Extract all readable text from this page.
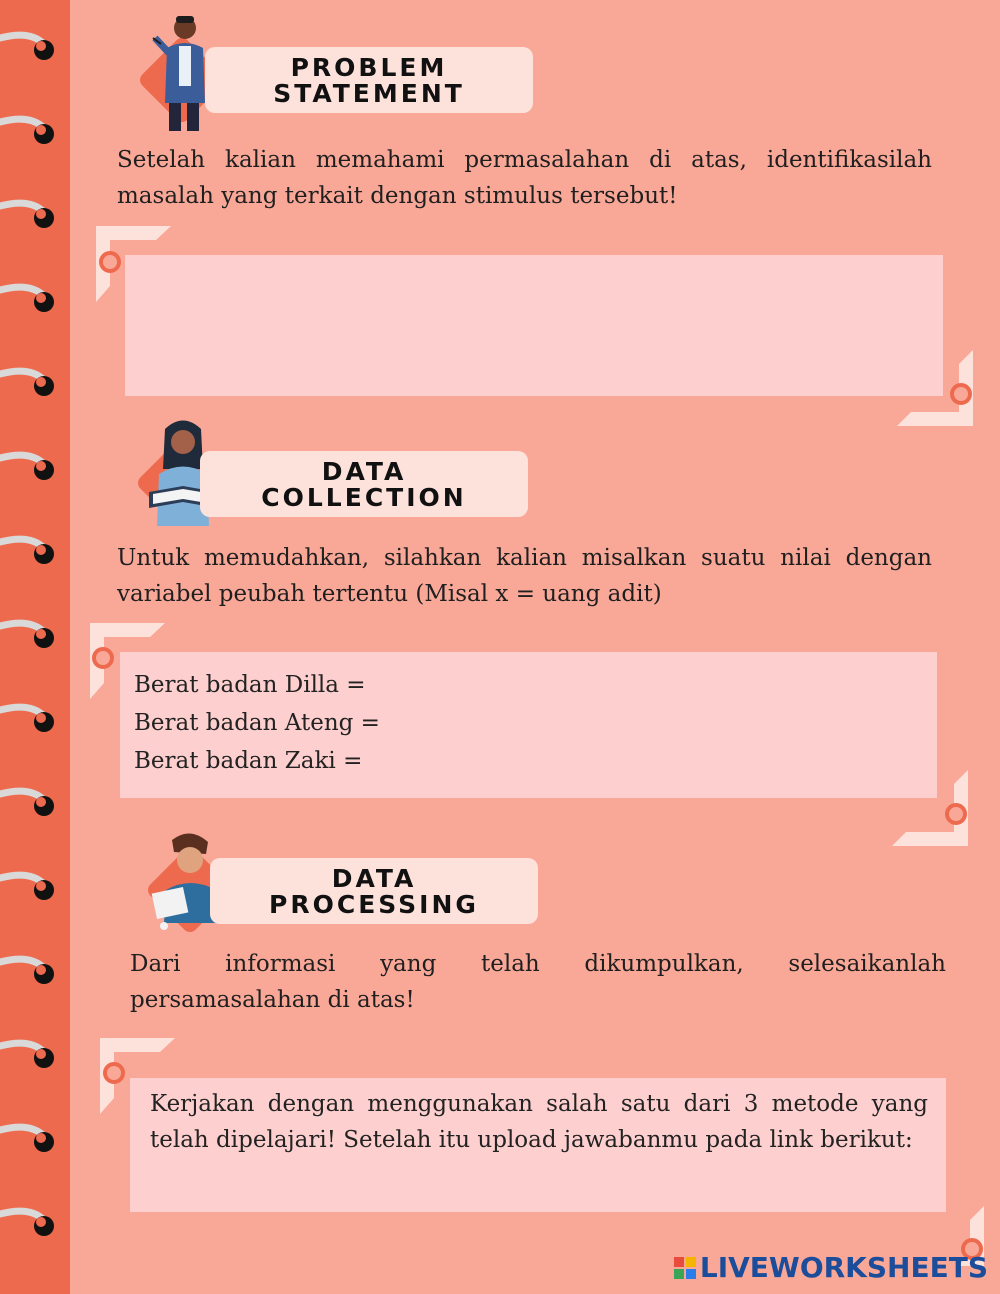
PROBLEM
STATEMENT
Setelah kalian memahami permasalahan di atas, identifikasilah masalah yang terkait dengan stimulus tersebut!
DATA
COLLECTION
Untuk memudahkan, silahkan kalian misalkan suatu nilai dengan variabel peubah tertentu (Misal x = uang adit)
Berat badan Dilla =
Berat badan Ateng =
Berat badan Zaki =
DATA
PROCESSING
Dari informasi yang telah dikumpulkan, selesaikanlah persamasalahan di atas!
Kerjakan dengan menggunakan salah satu dari 3 metode yang telah dipelajari! Setelah itu upload jawabanmu pada link berikut:
LIVEWORKSHEETS
